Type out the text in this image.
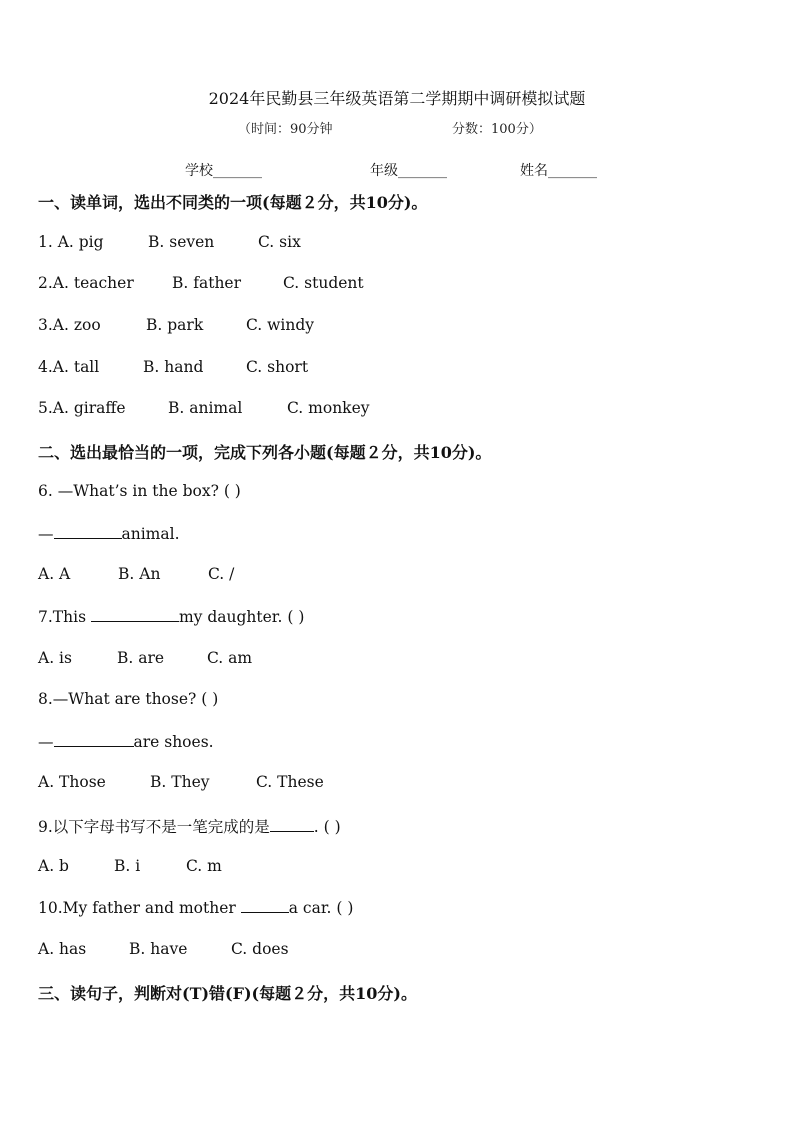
2024年民勤县三年级英语第二学期期中调研模拟试题
（时间：90分钟	分数：100分）
学校_______	年级_______	姓名_______
一、读单词，选出不同类的一项(每题２分，共10分)。
1. A. pig	B. seven	C. six
2.A. teacher B. father	C. student
3.A. zoo	B. park	C. windy
4.A. tall	B. hand	C. short
5.A. giraffe	B. animal	C. monkey
二、选出最恰当的一项，完成下列各小题(每题２分，共10分)。
6. —What’s in the box? ( )
—	animal.
A. A	B. An	C. /
7.This	my daughter. ( )
A. is	B. are	C. am
8.—What are those? ( )
—	are shoes.
A. Those	B. They	C. These
9.以下字母书写不是一笔完成的是	. ( )
A. b	B. i	C. m
10.My father and mother	a car. ( )
A. has	B. have	C. does
三、读句子，判断对(T)错(F)(每题２分，共10分)。
